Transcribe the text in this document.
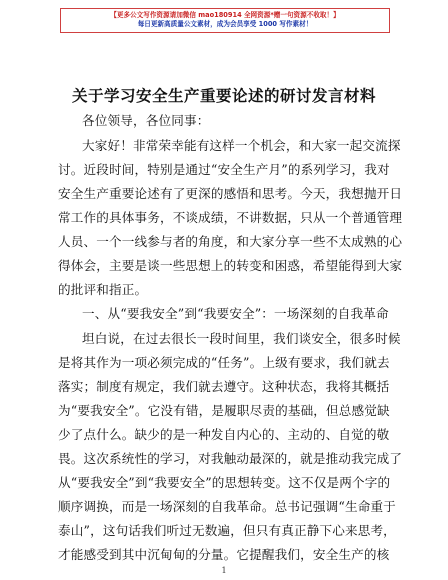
【更多公文写作资源请加微信 mao180914 全网资源*赠一句资源不收取！】
每日更新高质量公文素材，成为会员享受 1000 写作素材！
关于学习安全生产重要论述的研讨发言材料
各位领导，各位同事：
大家好！非常荣幸能有这样一个机会，和大家一起交流探
讨。近段时间，特别是通过“安全生产月”的系列学习，我对
安全生产重要论述有了更深的感悟和思考。今天，我想抛开日
常工作的具体事务，不谈成绩，不讲数据，只从一个普通管理
人员、一个一线参与者的角度，和大家分享一些不太成熟的心
得体会，主要是谈一些思想上的转变和困惑，希望能得到大家
的批评和指正。
一、从“要我安全”到“我要安全”：一场深刻的自我革命
坦白说，在过去很长一段时间里，我们谈安全，很多时候
是将其作为一项必须完成的“任务”。上级有要求，我们就去
落实；制度有规定，我们就去遵守。这种状态，我将其概括
为“要我安全”。它没有错，是履职尽责的基础，但总感觉缺
少了点什么。缺少的是一种发自内心的、主动的、自觉的敬
畏。这次系统性的学习，对我触动最深的，就是推动我完成了
从“要我安全”到“我要安全”的思想转变。这不仅是两个字的
顺序调换，而是一场深刻的自我革命。总书记强调“生命重于
泰山”，这句话我们听过无数遍，但只有真正静下心来思考，
才能感受到其中沉甸甸的分量。它提醒我们，安全生产的核
1
